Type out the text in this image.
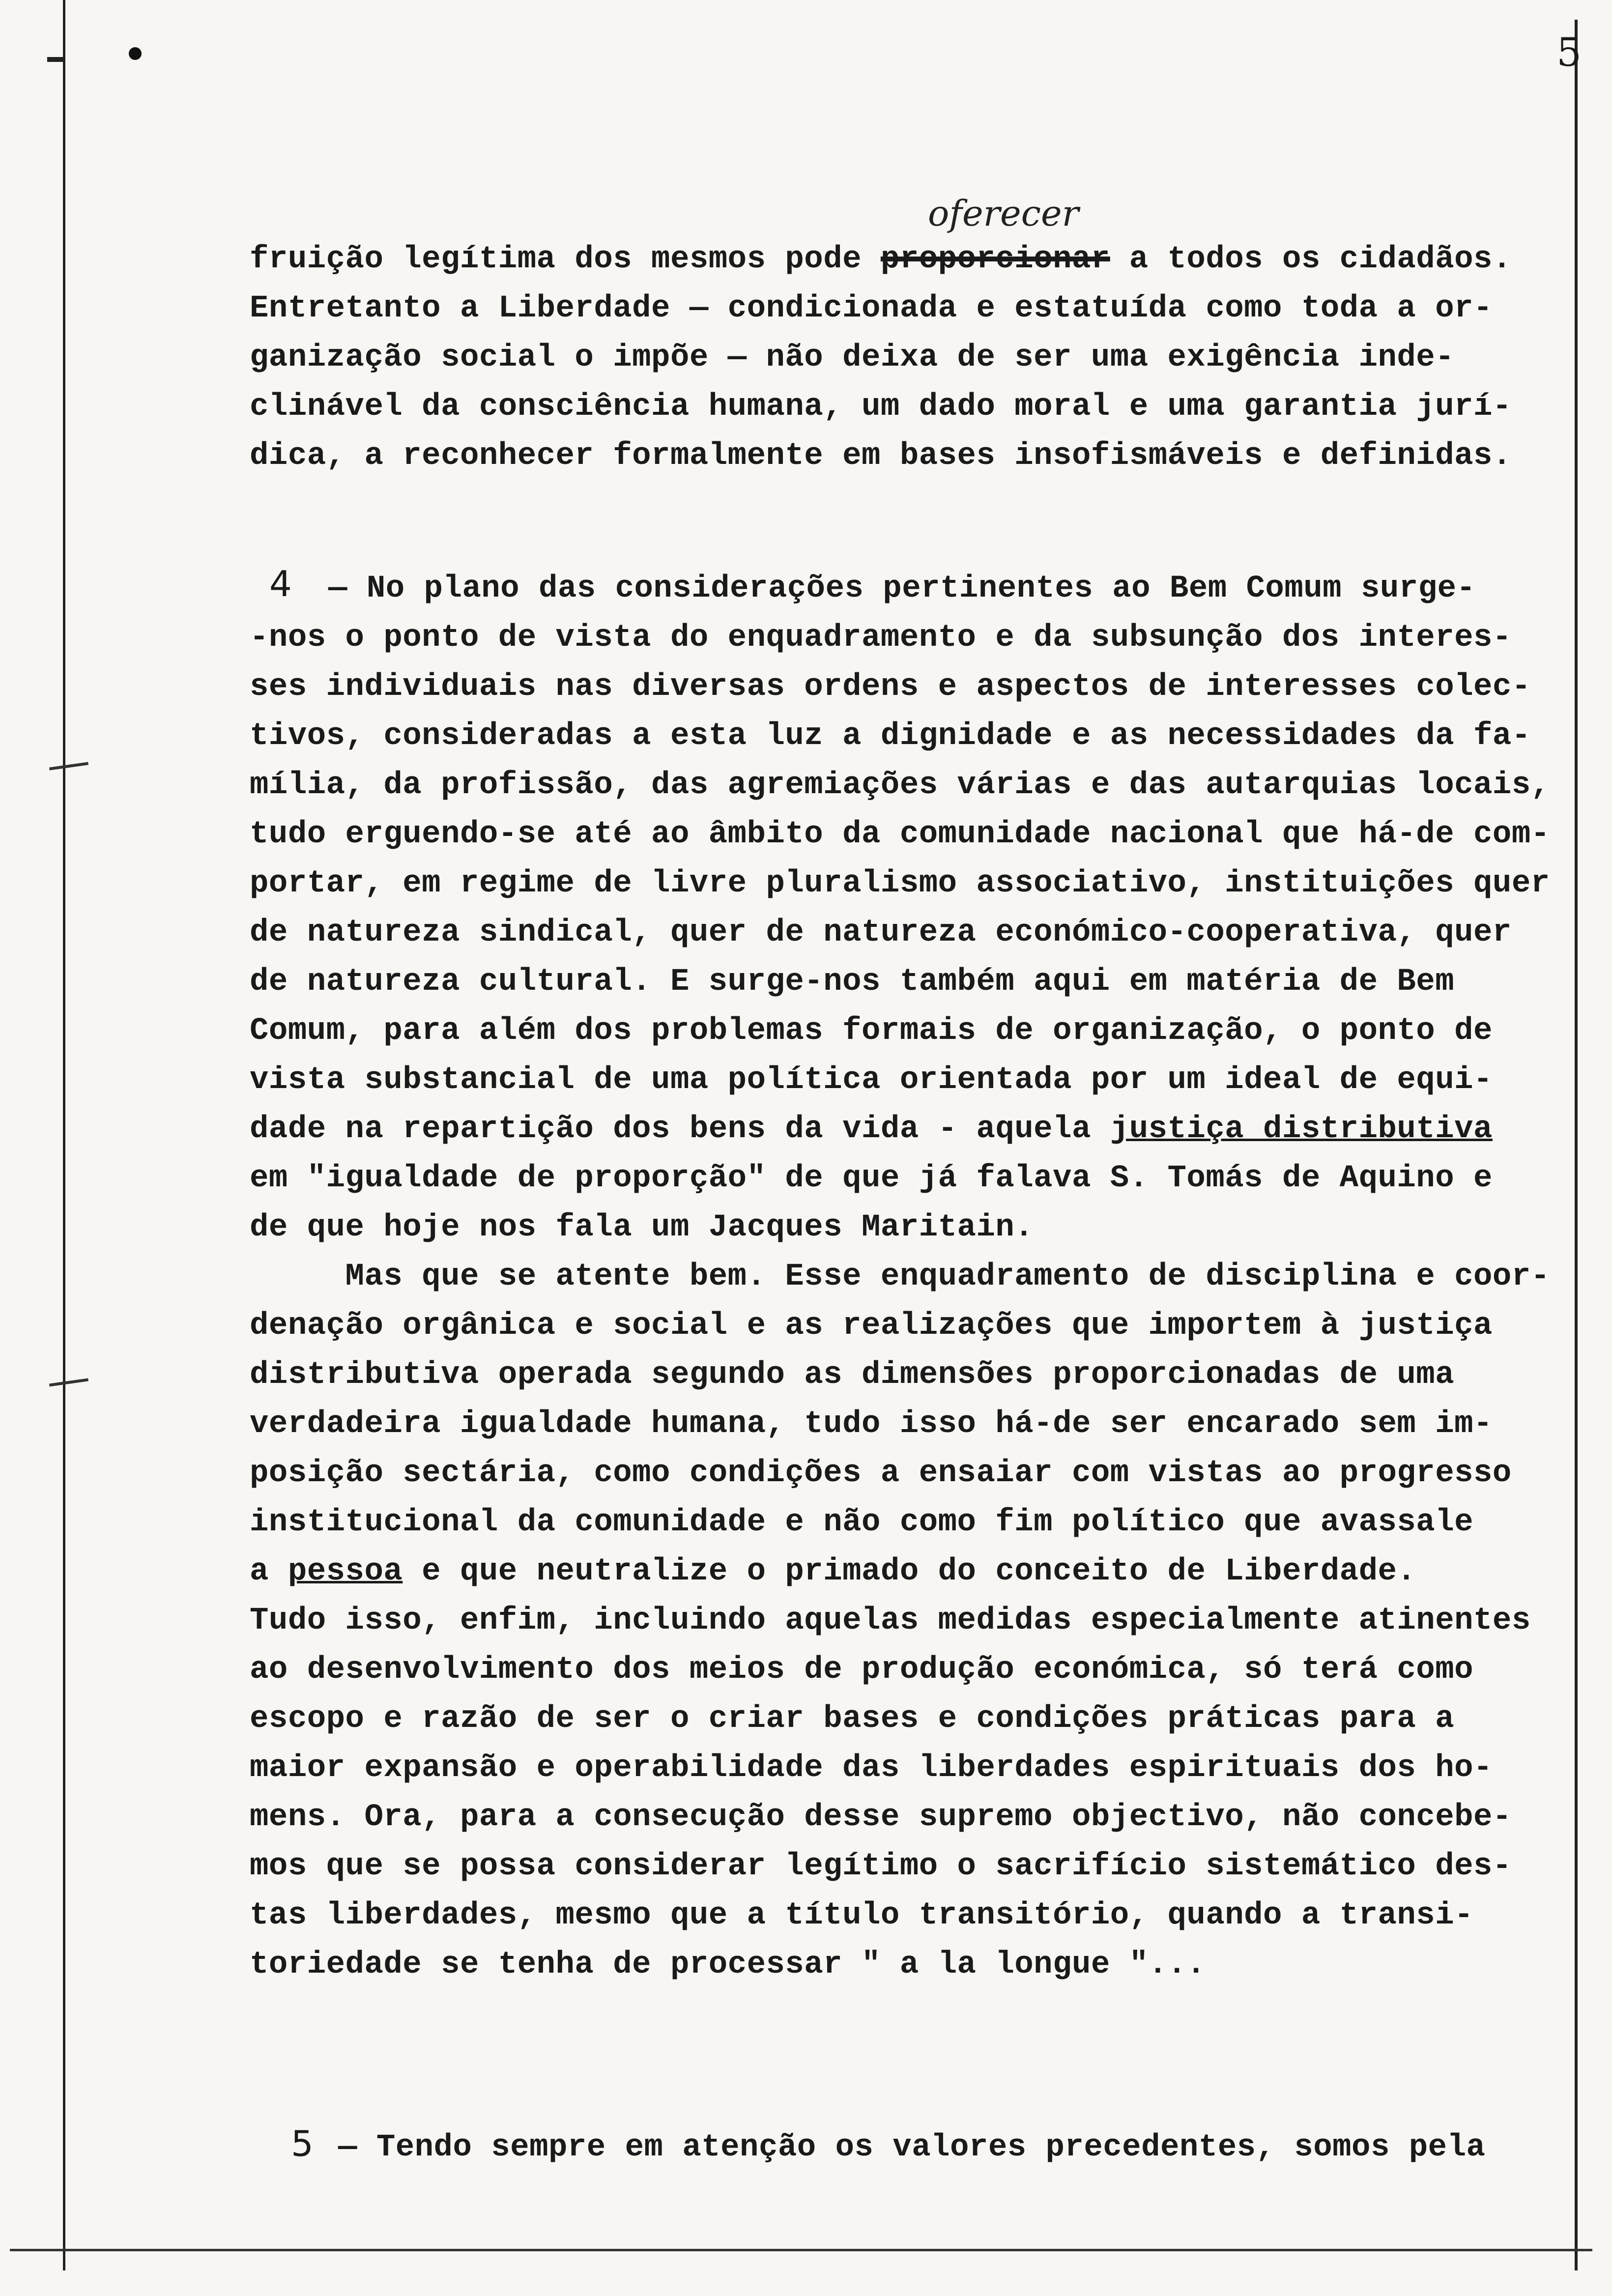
5
oferecer
fruição legítima dos mesmos pode proporcionar a todos os cidadãos.
Entretanto a Liberdade — condicionada e estatuída como toda a or-
ganização social o impõe — não deixa de ser uma exigência inde-
clinável da consciência humana, um dado moral e uma garantia jurí-
dica, a reconhecer formalmente em bases insofismáveis e definidas.
4 — No plano das considerações pertinentes ao Bem Comum surge-
-nos o ponto de vista do enquadramento e da subsunção dos interes-
ses individuais nas diversas ordens e aspectos de interesses colec-
tivos, consideradas a esta luz a dignidade e as necessidades da fa-
mília, da profissão, das agremiações várias e das autarquias locais,
tudo erguendo-se até ao âmbito da comunidade nacional que há-de com-
portar, em regime de livre pluralismo associativo, instituições quer
de natureza sindical, quer de natureza económico-cooperativa, quer
de natureza cultural. E surge-nos também aqui em matéria de Bem
Comum, para além dos problemas formais de organização, o ponto de
vista substancial de uma política orientada por um ideal de equi-
dade na repartição dos bens da vida - aquela justiça distributiva
em "igualdade de proporção" de que já falava S. Tomás de Aquino e
de que hoje nos fala um Jacques Maritain.
Mas que se atente bem. Esse enquadramento de disciplina e coor-
denação orgânica e social e as realizações que importem à justiça
distributiva operada segundo as dimensões proporcionadas de uma
verdadeira igualdade humana, tudo isso há-de ser encarado sem im-
posição sectária, como condições a ensaiar com vistas ao progresso
institucional da comunidade e não como fim político que avassale
a pessoa e que neutralize o primado do conceito de Liberdade.
Tudo isso, enfim, incluindo aquelas medidas especialmente atinentes
ao desenvolvimento dos meios de produção económica, só terá como
escopo e razão de ser o criar bases e condições práticas para a
maior expansão e operabilidade das liberdades espirituais dos ho-
mens. Ora, para a consecução desse supremo objectivo, não concebe-
mos que se possa considerar legítimo o sacrifício sistemático des-
tas liberdades, mesmo que a título transitório, quando a transi-
toriedade se tenha de processar " a la longue "...
5 — Tendo sempre em atenção os valores precedentes, somos pela
